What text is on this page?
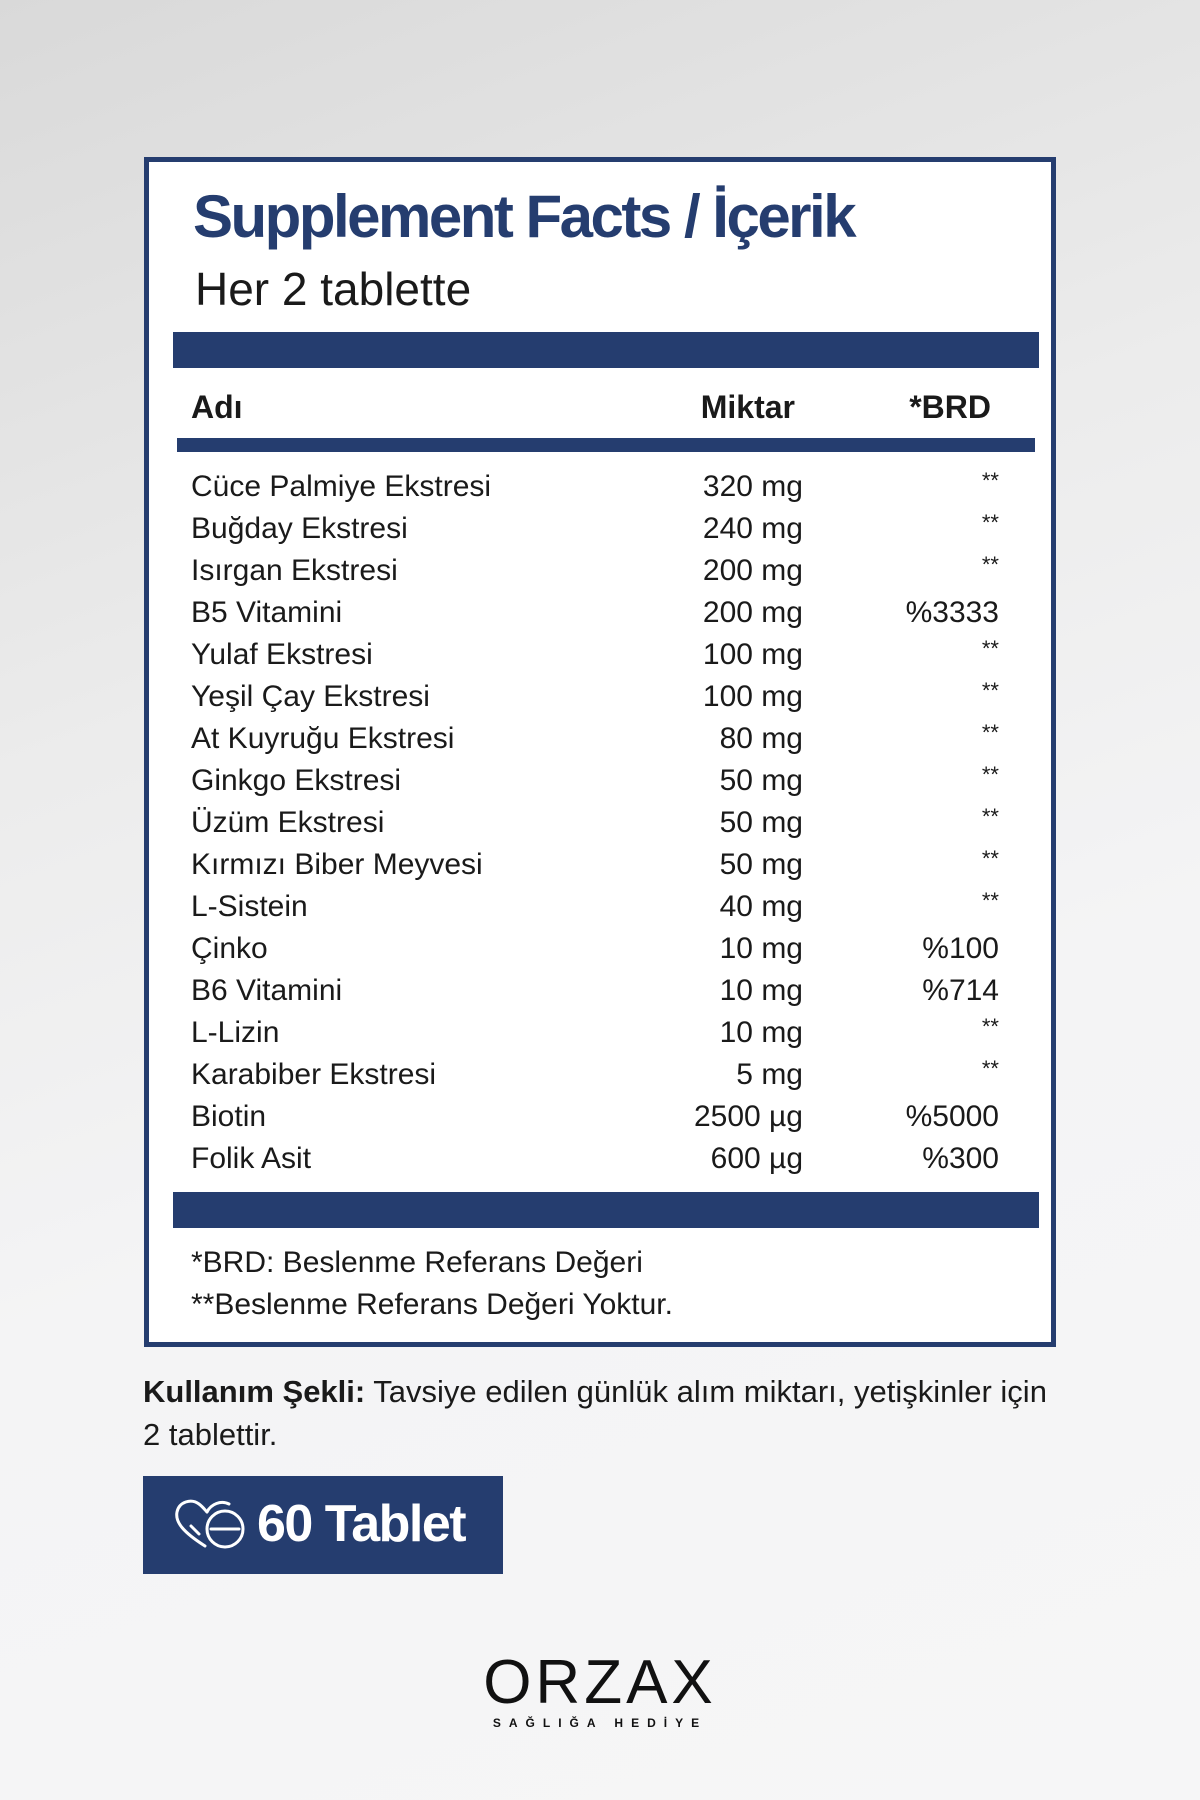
Supplement Facts / İçerik
Her 2 tablette
Adı	Miktar	*BRD
Cüce Palmiye Ekstresi	320 mg	**
Buğday Ekstresi	240 mg	**
Isırgan Ekstresi	200 mg	**
B5 Vitamini	200 mg	%3333
Yulaf Ekstresi	100 mg	**
Yeşil Çay Ekstresi	100 mg	**
At Kuyruğu Ekstresi	80 mg	**
Ginkgo Ekstresi	50 mg	**
Üzüm Ekstresi	50 mg	**
Kırmızı Biber Meyvesi	50 mg	**
L-Sistein	40 mg	**
Çinko	10 mg	%100
B6 Vitamini	10 mg	%714
L-Lizin	10 mg	**
Karabiber Ekstresi	5 mg	**
Biotin	2500 µg	%5000
Folik Asit	600 µg	%300
*BRD: Beslenme Referans Değeri
**Beslenme Referans Değeri Yoktur.
Kullanım Şekli: Tavsiye edilen günlük alım miktarı, yetişkinler için 2 tablettir.
60 Tablet
ORZAX
SAĞLIĞA HEDİYE
